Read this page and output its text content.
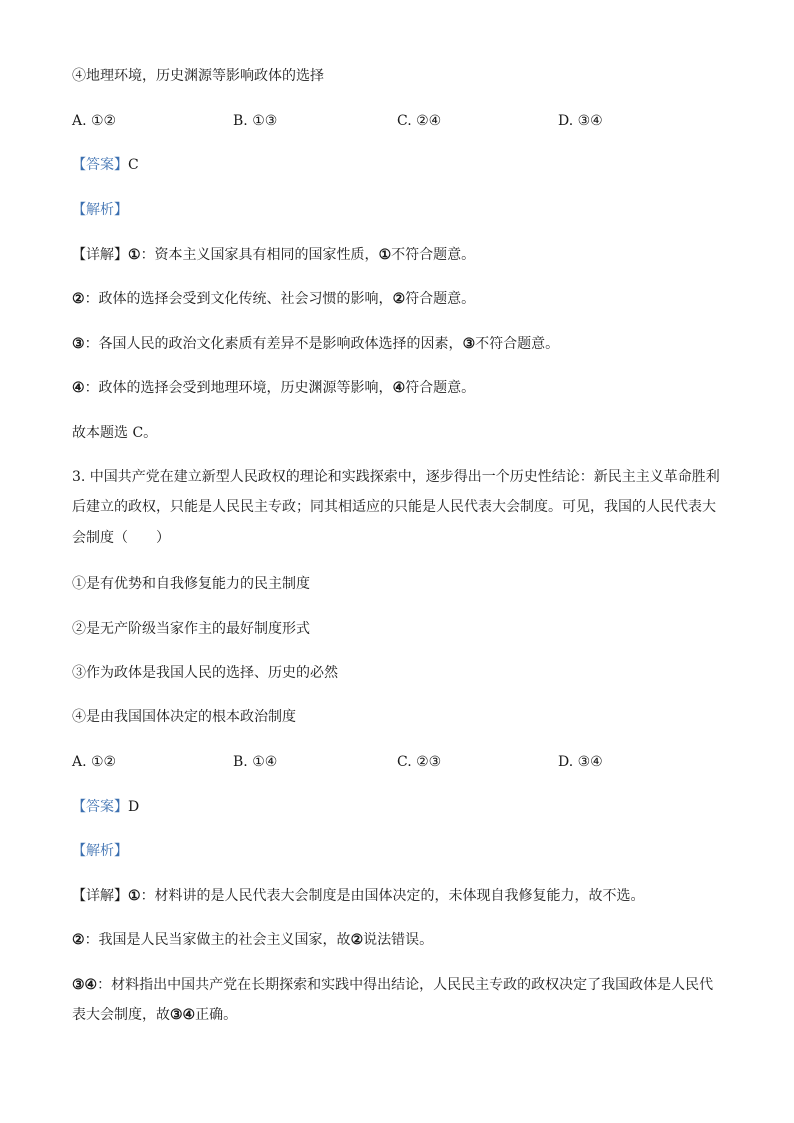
④地理环境，历史渊源等影响政体的选择
A. ①②	B. ①③	C. ②④	D. ③④
【答案】C
【解析】
【详解】①：资本主义国家具有相同的国家性质，①不符合题意。
②：政体的选择会受到文化传统、社会习惯的影响，②符合题意。
③：各国人民的政治文化素质有差异不是影响政体选择的因素，③不符合题意。
④：政体的选择会受到地理环境，历史渊源等影响，④符合题意。
故本题选 C。
3. 中国共产党在建立新型人民政权的理论和实践探索中，逐步得出一个历史性结论：新民主主义革命胜利
后建立的政权，只能是人民民主专政；同其相适应的只能是人民代表大会制度。可见，我国的人民代表大
会制度（　　）
①是有优势和自我修复能力的民主制度
②是无产阶级当家作主的最好制度形式
③作为政体是我国人民的选择、历史的必然
④是由我国国体决定的根本政治制度
A. ①②	B. ①④	C. ②③	D. ③④
【答案】D
【解析】
【详解】①：材料讲的是人民代表大会制度是由国体决定的，未体现自我修复能力，故不选。
②：我国是人民当家做主的社会主义国家，故②说法错误。
③④：材料指出中国共产党在长期探索和实践中得出结论，人民民主专政的政权决定了我国政体是人民代
表大会制度，故③④正确。
